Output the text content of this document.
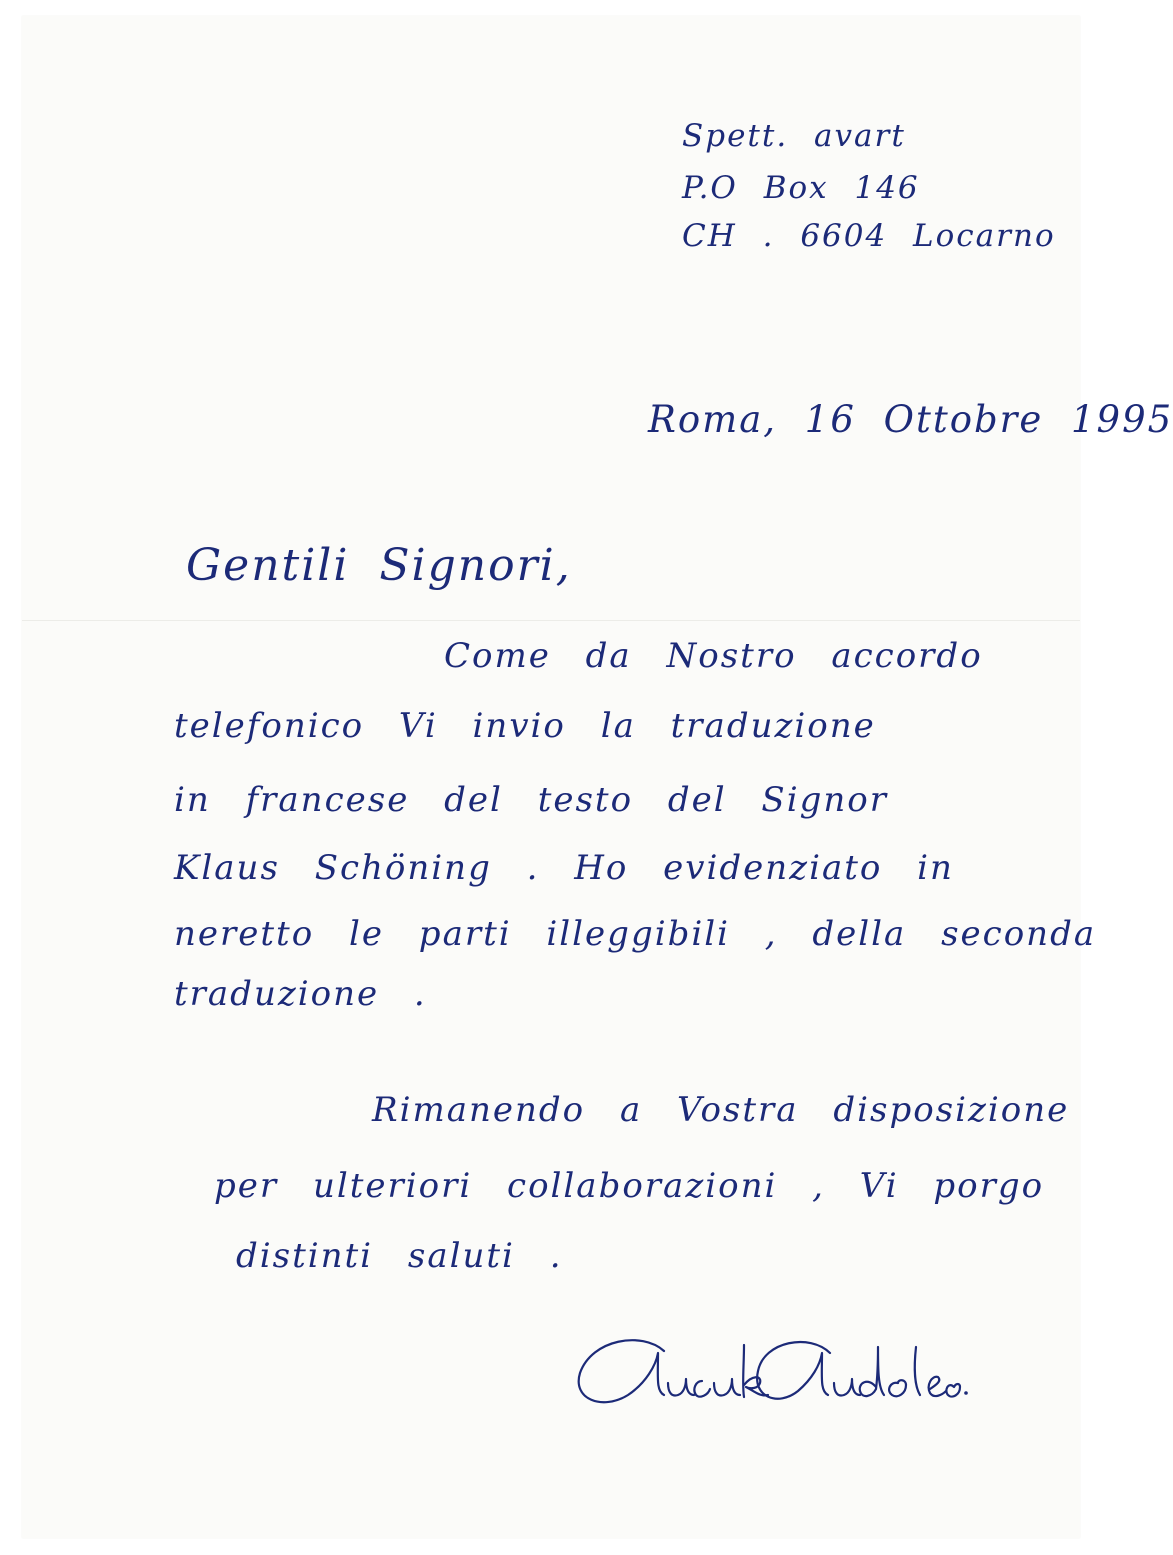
Spett. avart

P.O Box 146

CH . 6604 Locarno

Roma, 16 Ottobre 1995

Gentili Signori,

Come da Nostro accordo

telefonico Vi invio la traduzione

in francese del testo del Signor

Klaus Schöning . Ho evidenziato in

neretto le parti illeggibili , della seconda

traduzione .

Rimanendo a Vostra disposizione

per ulteriori collaborazioni , Vi porgo

distinti saluti .
